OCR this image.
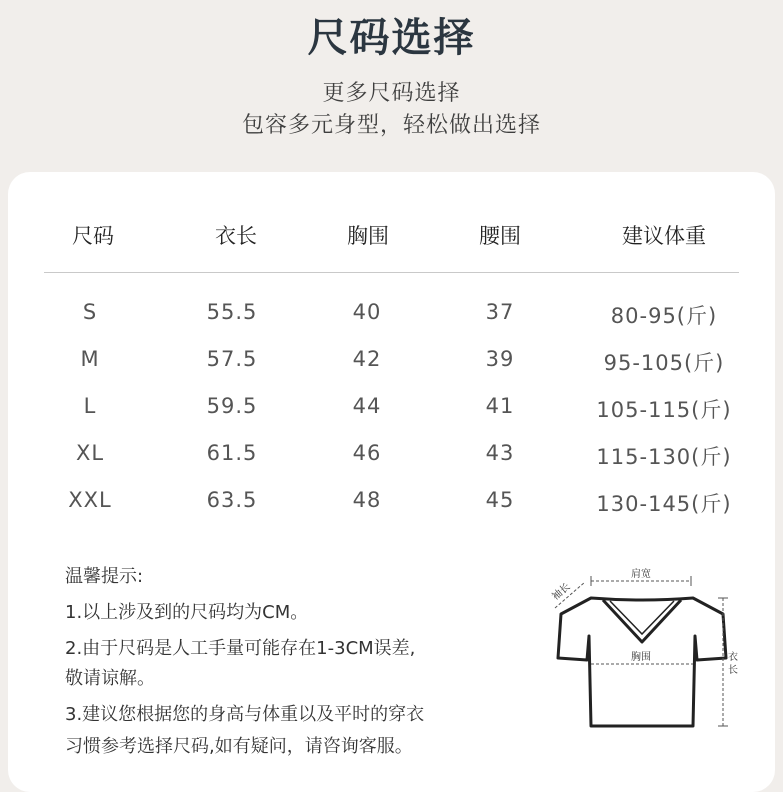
尺码选择
更多尺码选择
包容多元身型，轻松做出选择
尺码	衣长	胸围	腰围	建议体重
S	55.5	40	37	80-95(斤)
M	57.5	42	39	95-105(斤)
L	59.5	44	41	105-115(斤)
XL	61.5	46	43	115-130(斤)
XXL	63.5	48	45	130-145(斤)
温馨提示:
1.以上涉及到的尺码均为CM。
2.由于尺码是人工手量可能存在1-3CM误差,
敬请谅解。
3.建议您根据您的身高与体重以及平时的穿衣
习惯参考选择尺码,如有疑问，请咨询客服。
肩宽
袖长
胸围	衣
长
